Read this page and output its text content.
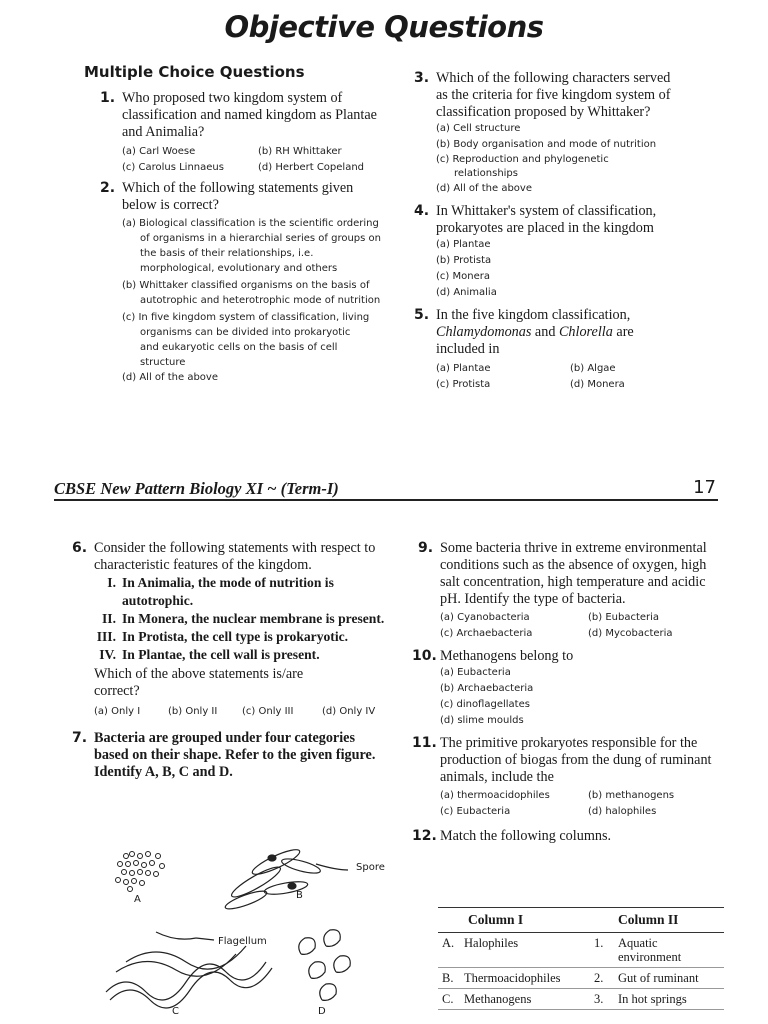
Objective Questions
Multiple Choice Questions
1. Who proposed two kingdom system of classification and named kingdom as Plantae and Animalia?
(a) Carl Woese	(b) RH Whittaker
(c) Carolus Linnaeus	(d) Herbert Copeland
2. Which of the following statements given below is correct?
(a) Biological classification is the scientific ordering of organisms in a hierarchial series of groups on the basis of their relationships, i.e. morphological, evolutionary and others
(b) Whittaker classified organisms on the basis of autotrophic and heterotrophic mode of nutrition
(c) In five kingdom system of classification, living organisms can be divided into prokaryotic and eukaryotic cells on the basis of cell structure
(d) All of the above
3. Which of the following characters served as the criteria for five kingdom system of classification proposed by Whittaker?
(a) Cell structure
(b) Body organisation and mode of nutrition
(c) Reproduction and phylogenetic relationships
(d) All of the above
4. In Whittaker's system of classification, prokaryotes are placed in the kingdom
(a) Plantae
(b) Protista
(c) Monera
(d) Animalia
5. In the five kingdom classification, Chlamydomonas and Chlorella are included in
(a) Plantae	(b) Algae
(c) Protista	(d) Monera
CBSE New Pattern Biology XI ~ (Term-I)	17
6. Consider the following statements with respect to characteristic features of the kingdom.
I. In Animalia, the mode of nutrition is autotrophic.
II. In Monera, the nuclear membrane is present.
III. In Protista, the cell type is prokaryotic.
IV. In Plantae, the cell wall is present.
Which of the above statements is/are correct?
(a) Only I	(b) Only II	(c) Only III	(d) Only IV
7. Bacteria are grouped under four categories based on their shape. Refer to the given figure. Identify A, B, C and D.
A	B
Spore
Flagellum
C	D
9. Some bacteria thrive in extreme environmental conditions such as the absence of oxygen, high salt concentration, high temperature and acidic pH. Identify the type of bacteria.
(a) Cyanobacteria	(b) Eubacteria
(c) Archaebacteria	(d) Mycobacteria
10. Methanogens belong to
(a) Eubacteria
(b) Archaebacteria
(c) dinoflagellates
(d) slime moulds
11. The primitive prokaryotes responsible for the production of biogas from the dung of ruminant animals, include the
(a) thermoacidophiles	(b) methanogens
(c) Eubacteria	(d) halophiles
12. Match the following columns.
Column I		Column II	
A.	Halophiles	1.	Aquatic environment
B.	Thermoacidophiles	2.	Gut of ruminant
C.	Methanogens	3.	In hot springs
